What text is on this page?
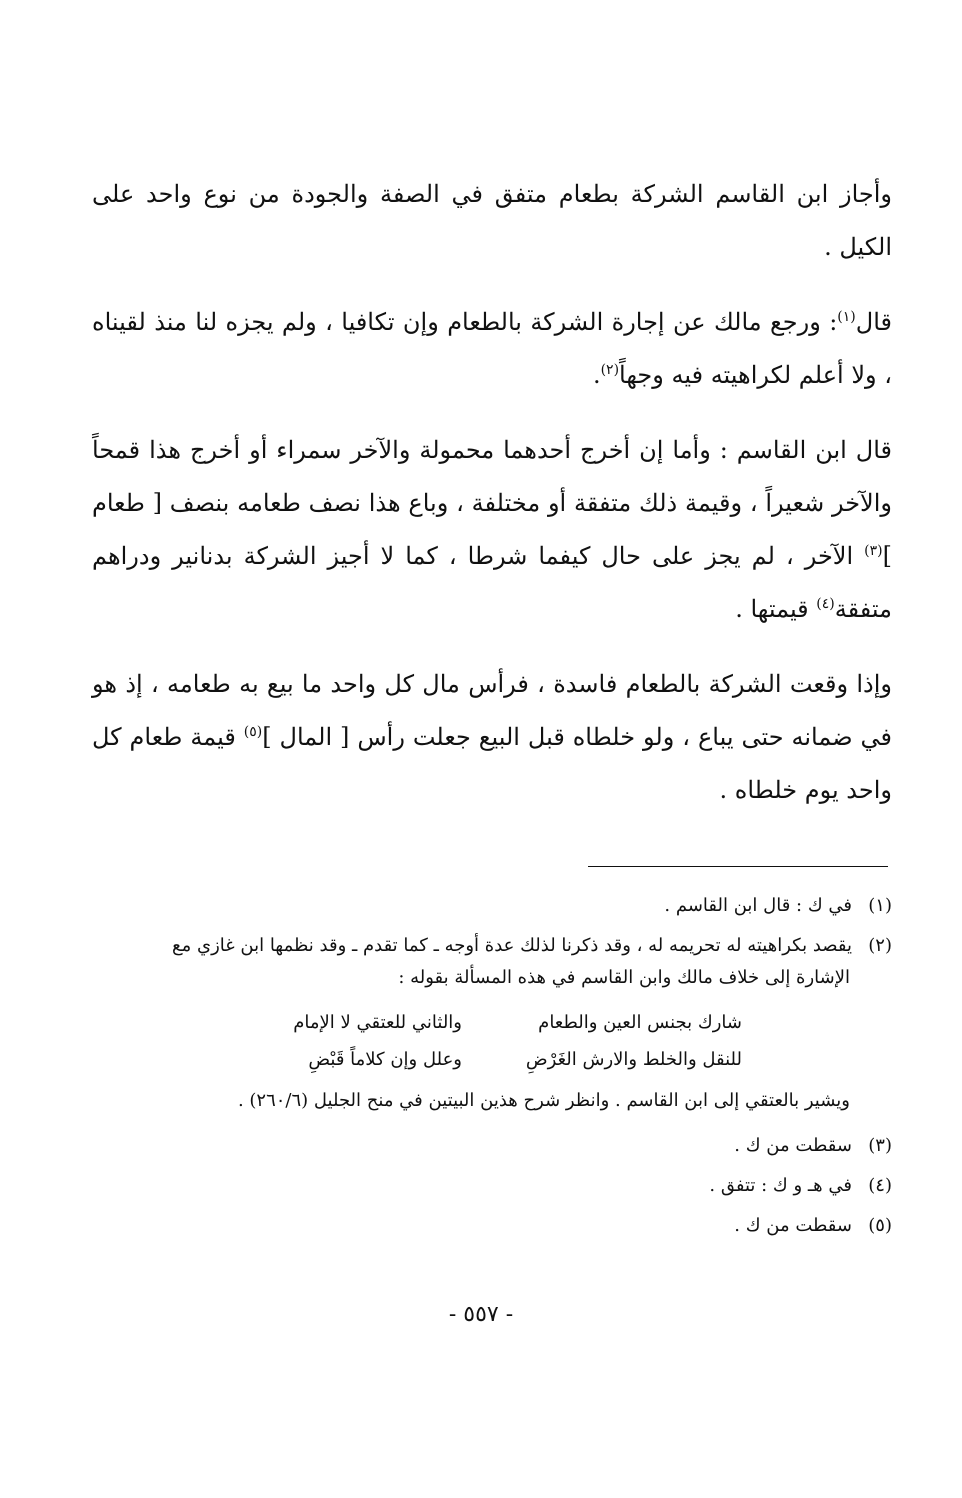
وأجاز ابن القاسم الشركة بطعام متفق في الصفة والجودة من نوع واحد على الكيل .

قال$^{(١)}$: ورجع مالك عن إجارة الشركة بالطعام وإن تكافيا ، ولم يجزه لنا منذ لقيناه ، ولا أعلم لكراهيته فيه وجهاً$^{(٢)}$.

قال ابن القاسم : وأما إن أخرج أحدهما محمولة والآخر سمراء أو أخرج هذا قمحاً والآخر شعيراً ، وقيمة ذلك متفقة أو مختلفة ، وباع هذا نصف طعامه بنصف [ طعام ]$^{(٣)}$ الآخر ، لم يجز على حال كيفما شرطا ، كما لا أجيز الشركة بدنانير ودراهم متفقة$^{(٤)}$ قيمتها .

وإذا وقعت الشركة بالطعام فاسدة ، فرأس مال كل واحد ما بيع به طعامه ، إذ هو في ضمانه حتى يباع ، ولو خلطاه قبل البيع جعلت رأس [ المال ]$^{(٥)}$ قيمة طعام كل واحد يوم خلطاه .

(١)في ك : قال ابن القاسم .
(٢)يقصد بكراهيته له تحريمه له ، وقد ذكرنا لذلك عدة أوجه ـ كما تقدم ـ وقد نظمها ابن غازي مع
الإشارة إلى خلاف مالك وابن القاسم في هذه المسألة بقوله :
شارك بجنس العين والطعام
والثاني للعتقي لا الإمام
للنقل والخلط والارش الغَرْضِ
وعلل وإن كلاماً قَبْضِ
ويشير بالعتقي إلى ابن القاسم . وانظر شرح هذين البيتين في منح الجليل (٢٦٠/٦) .
(٣)سقطت من ك .
(٤)في هـ و ك : تتفق .
(٥)سقطت من ك .
- ٥٥٧ -
